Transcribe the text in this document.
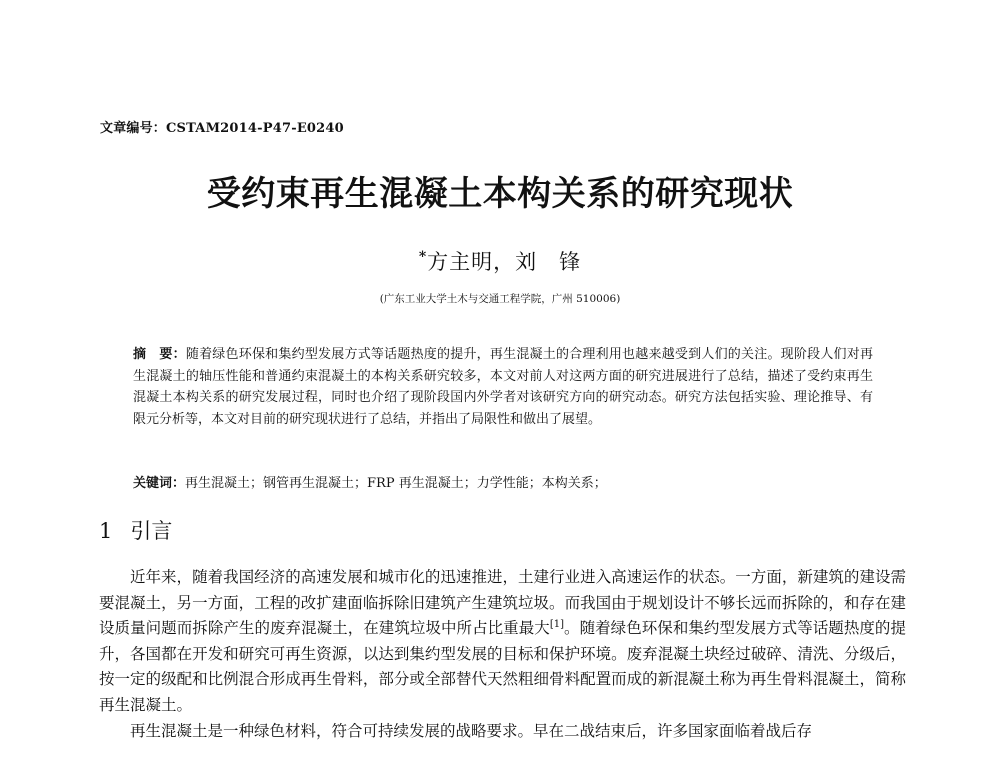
文章编号：CSTAM2014-P47-E0240
受约束再生混凝土本构关系的研究现状
*方主明，刘　锋
(广东工业大学土木与交通工程学院，广州 510006)
摘　要：随着绿色环保和集约型发展方式等话题热度的提升，再生混凝土的合理利用也越来越受到人们的关注。现阶段人们对再生混凝土的轴压性能和普通约束混凝土的本构关系研究较多，本文对前人对这两方面的研究进展进行了总结，描述了受约束再生混凝土本构关系的研究发展过程，同时也介绍了现阶段国内外学者对该研究方向的研究动态。研究方法包括实验、理论推导、有限元分析等，本文对目前的研究现状进行了总结，并指出了局限性和做出了展望。
关键词：再生混凝土；钢管再生混凝土；FRP 再生混凝土；力学性能；本构关系；
1 引言

近年来，随着我国经济的高速发展和城市化的迅速推进，土建行业进入高速运作的状态。一方面，新建筑的建设需要混凝土，另一方面，工程的改扩建面临拆除旧建筑产生建筑垃圾。而我国由于规划设计不够长远而拆除的，和存在建设质量问题而拆除产生的废弃混凝土，在建筑垃圾中所占比重最大[1]。随着绿色环保和集约型发展方式等话题热度的提升，各国都在开发和研究可再生资源，以达到集约型发展的目标和保护环境。废弃混凝土块经过破碎、清洗、分级后，按一定的级配和比例混合形成再生骨料，部分或全部替代天然粗细骨料配置而成的新混凝土称为再生骨料混凝土，简称再生混凝土。

再生混凝土是一种绿色材料，符合可持续发展的战略要求。早在二战结束后，许多国家面临着战后存
